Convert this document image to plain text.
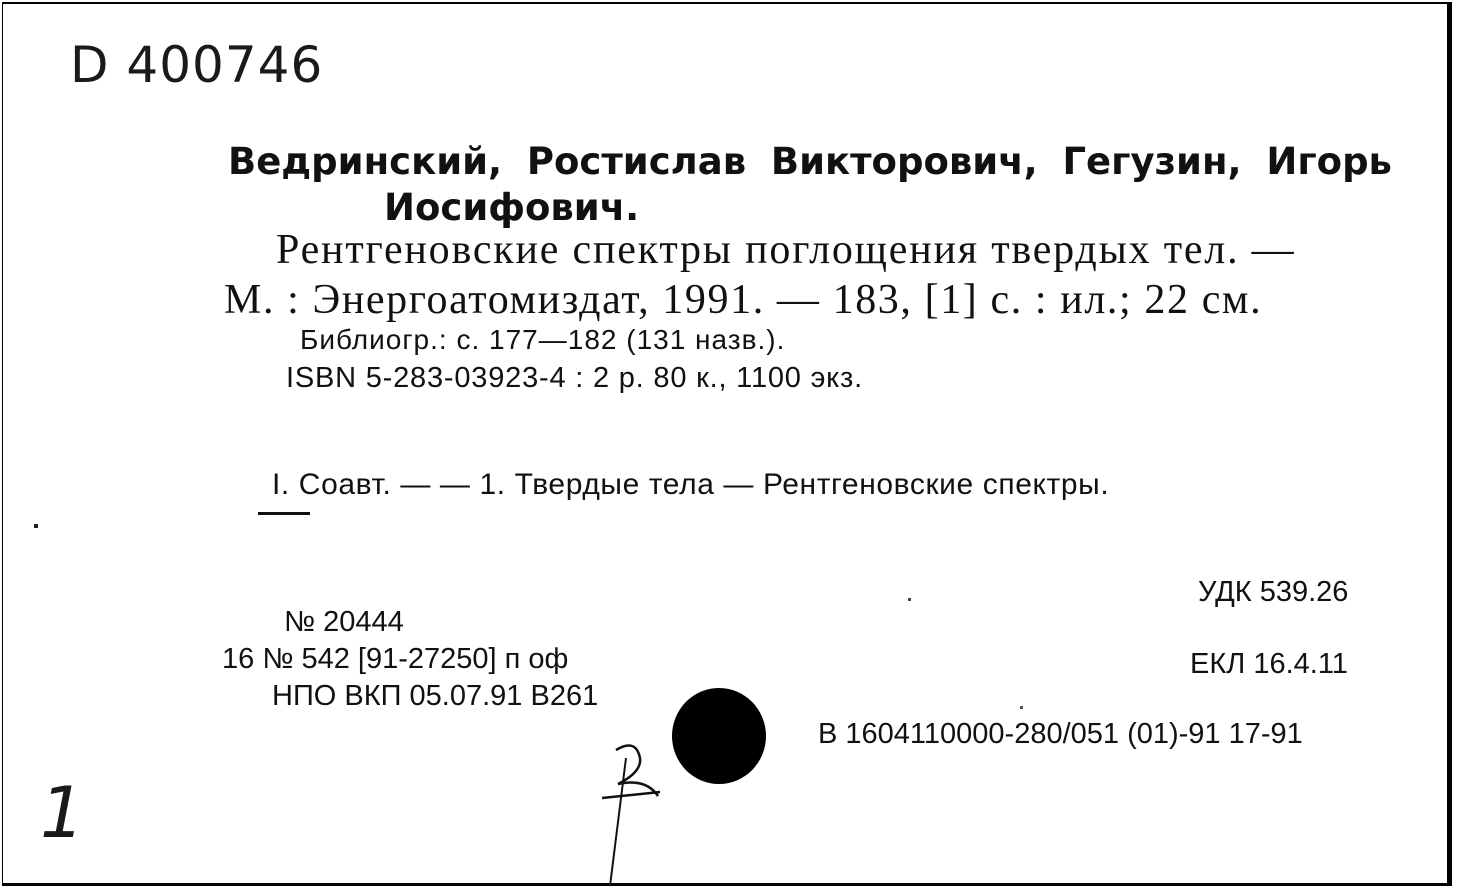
D 400746
Ведринский, Ростислав Викторович, Гегузин, Игорь
Иосифович.
Рентгеновские спектры поглощения твердых тел. —
М. : Энергоатомиздат, 1991. — 183, [1] с. : ил.; 22 см.
Библиогр.: с. 177—182 (131 назв.).
ISBN 5-283-03923-4 : 2 р. 80 к., 1100 экз.
I. Соавт. — — 1. Твердые тела — Рентгеновские спектры.
№ 20444
16 № 542 [91-27250] п оф
НПО ВКП 05.07.91 В261
УДК 539.26
ЕКЛ 16.4.11
В 1604110000-280/051 (01)-91 17-91
1
